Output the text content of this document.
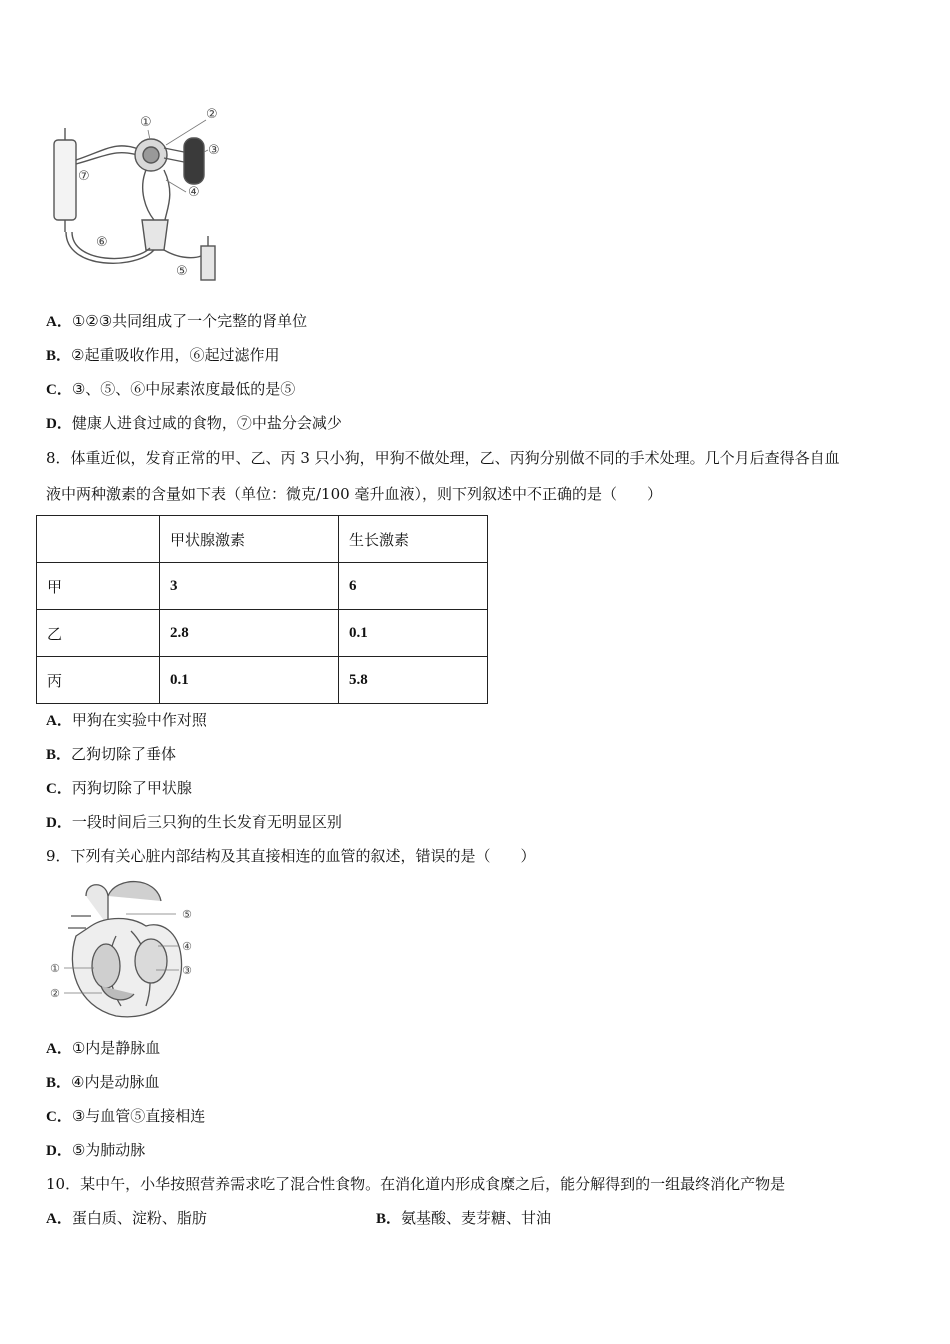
①
②
③
④
⑤
⑥
⑦
A．①②③共同组成了一个完整的肾单位
B．②起重吸收作用，⑥起过滤作用
C．③、⑤、⑥中尿素浓度最低的是⑤
D．健康人进食过咸的食物，⑦中盐分会减少
8．体重近似，发育正常的甲、乙、丙 3 只小狗，甲狗不做处理，乙、丙狗分别做不同的手术处理。几个月后查得各自血
液中两种激素的含量如下表（单位：微克/100 毫升血液），则下列叙述中不正确的是（　　）
	甲状腺激素	生长激素
甲	3	6
乙	2.8	0.1
丙	0.1	5.8
A．甲狗在实验中作对照
B．乙狗切除了垂体
C．丙狗切除了甲状腺
D．一段时间后三只狗的生长发育无明显区别
9．下列有关心脏内部结构及其直接相连的血管的叙述，错误的是（　　）
⑤
④
③
①
②
A．①内是静脉血
B．④内是动脉血
C．③与血管⑤直接相连
D．⑤为肺动脉
10．某中午，小华按照营养需求吃了混合性食物。在消化道内形成食糜之后，能分解得到的一组最终消化产物是
A．蛋白质、淀粉、脂肪	B．氨基酸、麦芽糖、甘油
